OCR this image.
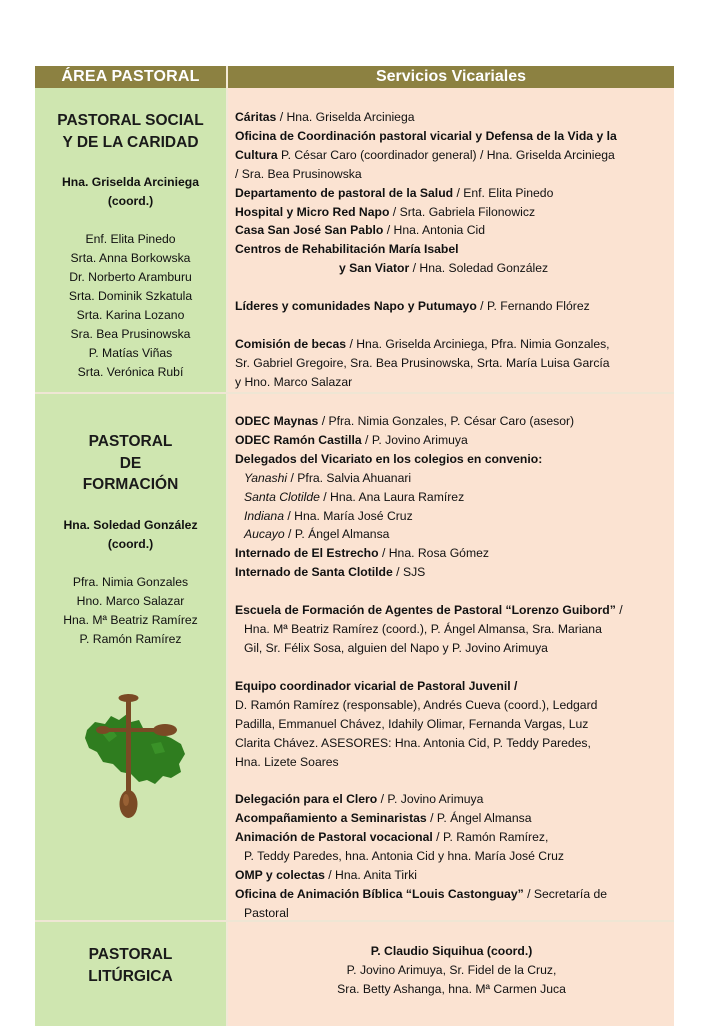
ÁREA PASTORAL	Servicios Vicariales
PASTORAL SOCIAL
Y DE LA CARIDAD
Hna. Griselda Arciniega
(coord.)
Enf. Elita Pinedo
Srta. Anna Borkowska
Dr. Norberto Aramburu
Srta. Dominik Szkatula
Srta. Karina Lozano
Sra. Bea Prusinowska
P. Matías Viñas
Srta. Verónica Rubí
Cáritas / Hna. Griselda Arciniega
Oficina de Coordinación pastoral vicarial y Defensa de la Vida y la
Cultura P. César Caro (coordinador general) / Hna. Griselda Arciniega
/ Sra. Bea Prusinowska
Departamento de pastoral de la Salud / Enf. Elita Pinedo
Hospital y Micro Red Napo / Srta. Gabriela Filonowicz
Casa San José San Pablo / Hna. Antonia Cid
Centros de Rehabilitación María Isabel
y San Viator / Hna. Soledad González
Líderes y comunidades Napo y Putumayo / P. Fernando Flórez
Comisión de becas / Hna. Griselda Arciniega, Pfra. Nimia Gonzales,
Sr. Gabriel Gregoire, Sra. Bea Prusinowska, Srta. María Luisa García
y Hno. Marco Salazar
PASTORAL
DE
FORMACIÓN
Hna. Soledad González
(coord.)
Pfra. Nimia Gonzales
Hno. Marco Salazar
Hna. Mª Beatriz Ramírez
P. Ramón Ramírez
ODEC Maynas / Pfra. Nimia Gonzales, P. César Caro (asesor)
ODEC Ramón Castilla / P. Jovino Arimuya
Delegados del Vicariato en los colegios en convenio:
Yanashi / Pfra. Salvia Ahuanari
Santa Clotilde / Hna. Ana Laura Ramírez
Indiana / Hna. María José Cruz
Aucayo / P. Ángel Almansa
Internado de El Estrecho / Hna. Rosa Gómez
Internado de Santa Clotilde / SJS
Escuela de Formación de Agentes de Pastoral “Lorenzo Guibord” /
Hna. Mª Beatriz Ramírez (coord.), P. Ángel Almansa, Sra. Mariana
Gil, Sr. Félix Sosa, alguien del Napo y P. Jovino Arimuya
Equipo coordinador vicarial de Pastoral Juvenil /
D. Ramón Ramírez (responsable), Andrés Cueva (coord.), Ledgard
Padilla, Emmanuel Chávez, Idahily Olimar, Fernanda Vargas, Luz
Clarita Chávez. ASESORES: Hna. Antonia Cid, P. Teddy Paredes,
Hna. Lizete Soares
Delegación para el Clero / P. Jovino Arimuya
Acompañamiento a Seminaristas / P. Ángel Almansa
Animación de Pastoral vocacional / P. Ramón Ramírez,
P. Teddy Paredes, hna. Antonia Cid y hna. María José Cruz
OMP y colectas / Hna. Anita Tirki
Oficina de Animación Bíblica “Louis Castonguay” / Secretaría de
Pastoral
PASTORAL
LITÚRGICA
P. Claudio Siquihua (coord.)
P. Jovino Arimuya, Sr. Fidel de la Cruz,
Sra. Betty Ashanga, hna. Mª Carmen Juca
